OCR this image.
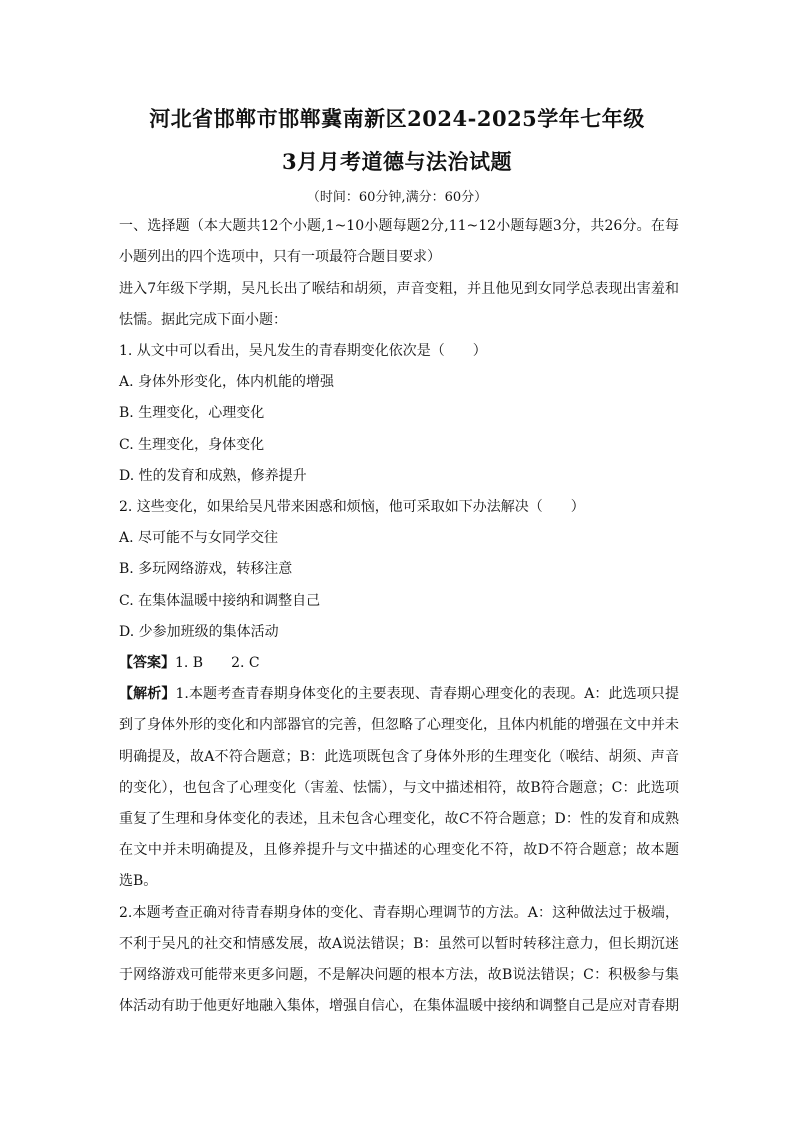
河北省邯郸市邯郸冀南新区2024-2025学年七年级
3月月考道德与法治试题
（时间：60分钟,满分：60分）
一、选择题（本大题共12个小题,1~10小题每题2分,11~12小题每题3分，共26分。在每
小题列出的四个选项中，只有一项最符合题目要求）
进入7年级下学期，吴凡长出了喉结和胡须，声音变粗，并且他见到女同学总表现出害羞和
怯懦。据此完成下面小题：
1. 从文中可以看出，吴凡发生的青春期变化依次是（　　）
A. 身体外形变化，体内机能的增强
B. 生理变化，心理变化
C. 生理变化，身体变化
D. 性的发育和成熟，修养提升
2. 这些变化，如果给吴凡带来困惑和烦恼，他可采取如下办法解决（　　）
A. 尽可能不与女同学交往
B. 多玩网络游戏，转移注意
C. 在集体温暖中接纳和调整自己
D. 少参加班级的集体活动
【答案】1. B　　2. C
【解析】1.本题考查青春期身体变化的主要表现、青春期心理变化的表现。A：此选项只提
到了身体外形的变化和内部器官的完善，但忽略了心理变化，且体内机能的增强在文中并未
明确提及，故A不符合题意；B：此选项既包含了身体外形的生理变化（喉结、胡须、声音
的变化），也包含了心理变化（害羞、怯懦），与文中描述相符，故B符合题意；C：此选项
重复了生理和身体变化的表述，且未包含心理变化，故C不符合题意；D：性的发育和成熟
在文中并未明确提及，且修养提升与文中描述的心理变化不符，故D不符合题意；故本题
选B。
2.本题考查正确对待青春期身体的变化、青春期心理调节的方法。A：这种做法过于极端，
不利于吴凡的社交和情感发展，故A说法错误；B：虽然可以暂时转移注意力，但长期沉迷
于网络游戏可能带来更多问题，不是解决问题的根本方法，故B说法错误；C：积极参与集
体活动有助于他更好地融入集体，增强自信心，在集体温暖中接纳和调整自己是应对青春期
